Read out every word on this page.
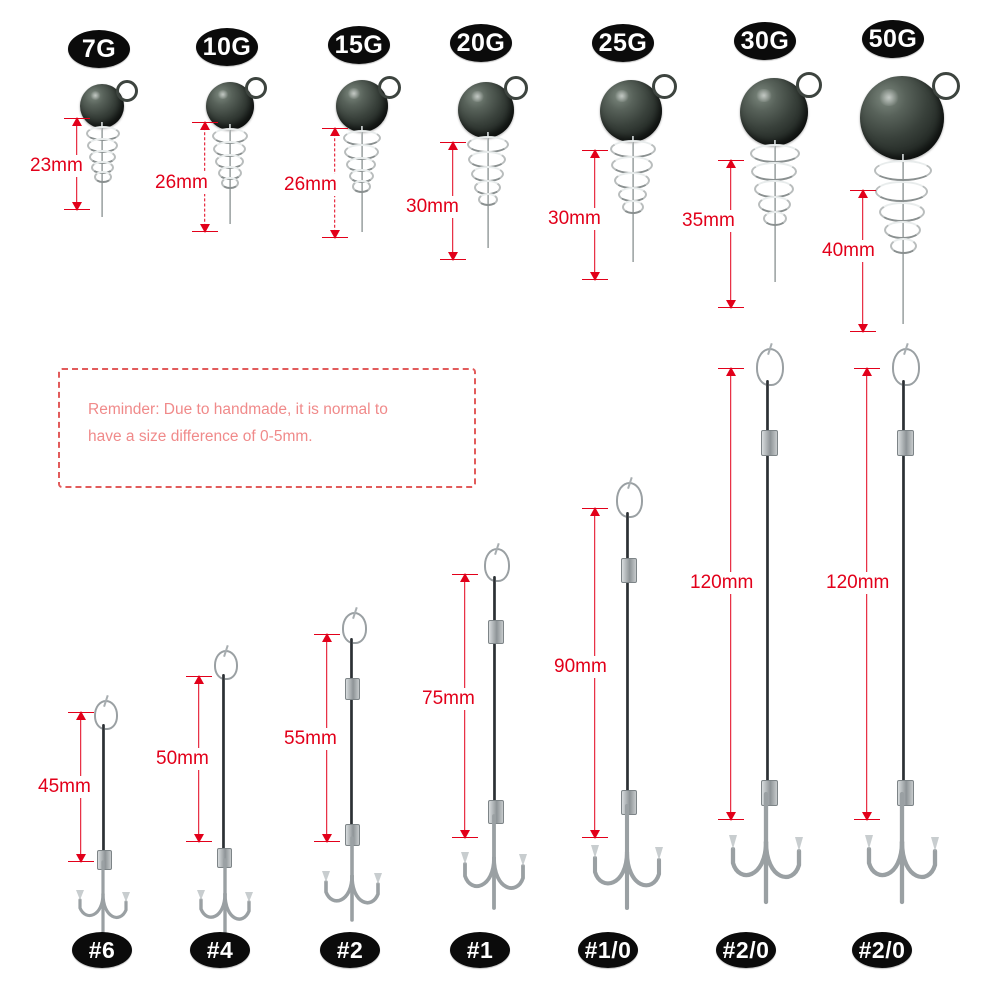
7G
23mm
10G
26mm
15G
26mm
20G
30mm
25G
30mm
30G
35mm
50G
40mm
Reminder: Due to handmade, it is normal to
have a size difference of 0-5mm.
45mm
#6
50mm
#4
55mm
#2
75mm
#1
90mm
#1/0
120mm
#2/0
120mm
#2/0
